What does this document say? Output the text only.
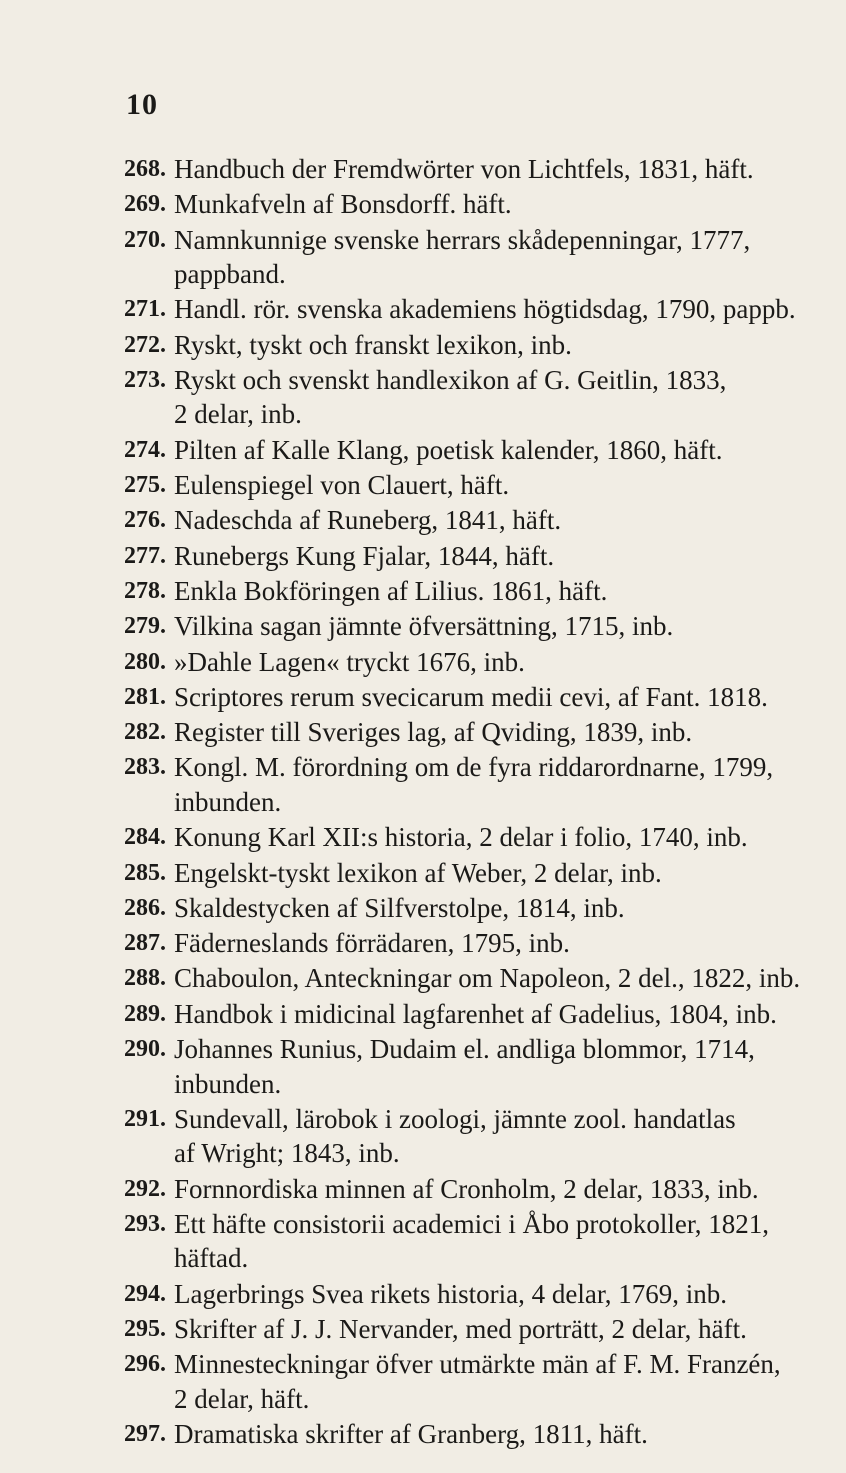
10
268. Handbuch der Fremdwörter von Lichtfels, 1831, häft.
269. Munkafveln af Bonsdorff. häft.
270. Namnkunnige svenske herrars skådepenningar, 1777,
pappband.
271. Handl. rör. svenska akademiens högtidsdag, 1790, pappb.
272. Ryskt, tyskt och franskt lexikon, inb.
273. Ryskt och svenskt handlexikon af G. Geitlin, 1833,
2 delar, inb.
274. Pilten af Kalle Klang, poetisk kalender, 1860, häft.
275. Eulenspiegel von Clauert, häft.
276. Nadeschda af Runeberg, 1841, häft.
277. Runebergs Kung Fjalar, 1844, häft.
278. Enkla Bokföringen af Lilius. 1861, häft.
279. Vilkina sagan jämnte öfversättning, 1715, inb.
280. »Dahle Lagen« tryckt 1676, inb.
281. Scriptores rerum svecicarum medii cevi, af Fant. 1818.
282. Register till Sveriges lag, af Qviding, 1839, inb.
283. Kongl. M. förordning om de fyra riddarordnarne, 1799,
inbunden.
284. Konung Karl XII:s historia, 2 delar i folio, 1740, inb.
285. Engelskt-tyskt lexikon af Weber, 2 delar, inb.
286. Skaldestycken af Silfverstolpe, 1814, inb.
287. Fäderneslands förrädaren, 1795, inb.
288. Chaboulon, Anteckningar om Napoleon, 2 del., 1822, inb.
289. Handbok i midicinal lagfarenhet af Gadelius, 1804, inb.
290. Johannes Runius, Dudaim el. andliga blommor, 1714,
inbunden.
291. Sundevall, lärobok i zoologi, jämnte zool. handatlas
af Wright; 1843, inb.
292. Fornnordiska minnen af Cronholm, 2 delar, 1833, inb.
293. Ett häfte consistorii academici i Åbo protokoller, 1821,
häftad.
294. Lagerbrings Svea rikets historia, 4 delar, 1769, inb.
295. Skrifter af J. J. Nervander, med porträtt, 2 delar, häft.
296. Minnesteckningar öfver utmärkte män af F. M. Franzén,
2 delar, häft.
297. Dramatiska skrifter af Granberg, 1811, häft.
